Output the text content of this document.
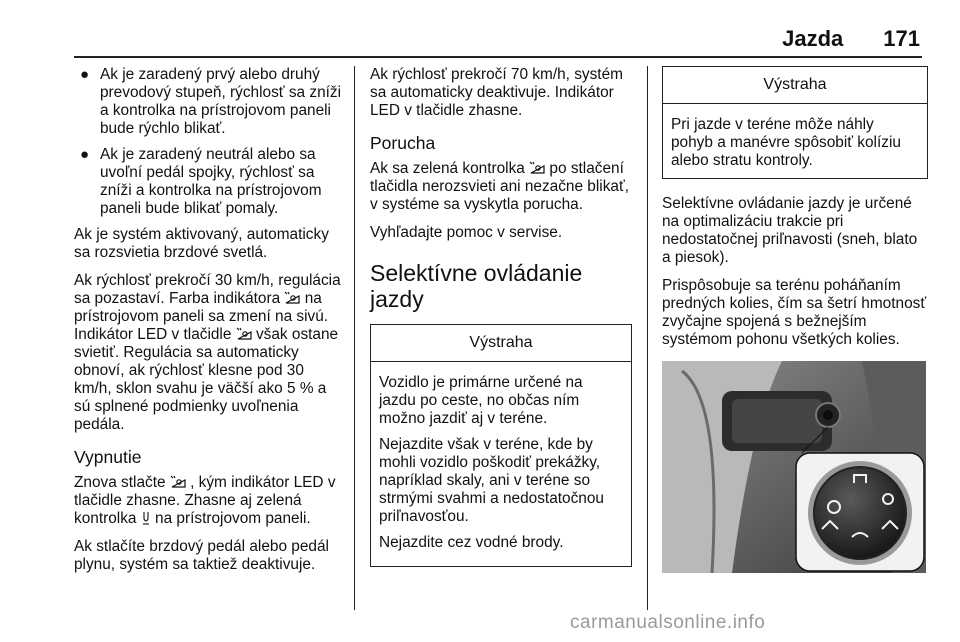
Jazda 171
● Ak je zaradený prvý alebo druhý prevodový stupeň, rýchlosť sa zníži a kontrolka na prístrojovom paneli bude rýchlo blikať.
● Ak je zaradený neutrál alebo sa uvoľní pedál spojky, rýchlosť sa zníži a kontrolka na prístrojovom paneli bude blikať pomaly.

Ak je systém aktivovaný, automaticky sa rozsvietia brzdové svetlá.

Ak rýchlosť prekročí 30 km/h, regulácia sa pozastaví. Farba indikátora na prístrojovom paneli sa zmení na sivú. Indikátor LED v tlačidle však ostane svietiť. Regulácia sa automaticky obnoví, ak rýchlosť klesne pod 30 km/h, sklon svahu je väčší ako 5 % a sú splnené podmienky uvoľnenia pedála.

Vypnutie

Znova stlačte , kým indikátor LED v tlačidle zhasne. Zhasne aj zelená kontrolka na prístrojovom paneli.

Ak stlačíte brzdový pedál alebo pedál plynu, systém sa taktiež deaktivuje.

Ak rýchlosť prekročí 70 km/h, systém sa automaticky deaktivuje. Indikátor LED v tlačidle zhasne.

Porucha

Ak sa zelená kontrolka po stlačení tlačidla nerozsvieti ani nezačne blikať, v systéme sa vyskytla porucha.

Vyhľadajte pomoc v servise.

Selektívne ovládanie jazdy
Výstraha

Vozidlo je primárne určené na jazdu po ceste, no občas ním možno jazdiť aj v teréne.

Nejazdite však v teréne, kde by mohli vozidlo poškodiť prekážky, napríklad skaly, ani v teréne so strmými svahmi a nedostatočnou priľnavosťou.

Nejazdite cez vodné brody.

Výstraha

Pri jazde v teréne môže náhly pohyb a manévre spôsobiť kolíziu alebo stratu kontroly.

Selektívne ovládanie jazdy je určené na optimalizáciu trakcie pri nedostatočnej priľnavosti (sneh, blato a piesok).

Prispôsobuje sa terénu poháňaním predných kolies, čím sa šetrí hmotnosť zvyčajne spojená s bežnejším systémom pohonu všetkých kolies.

carmanualsonline.info
